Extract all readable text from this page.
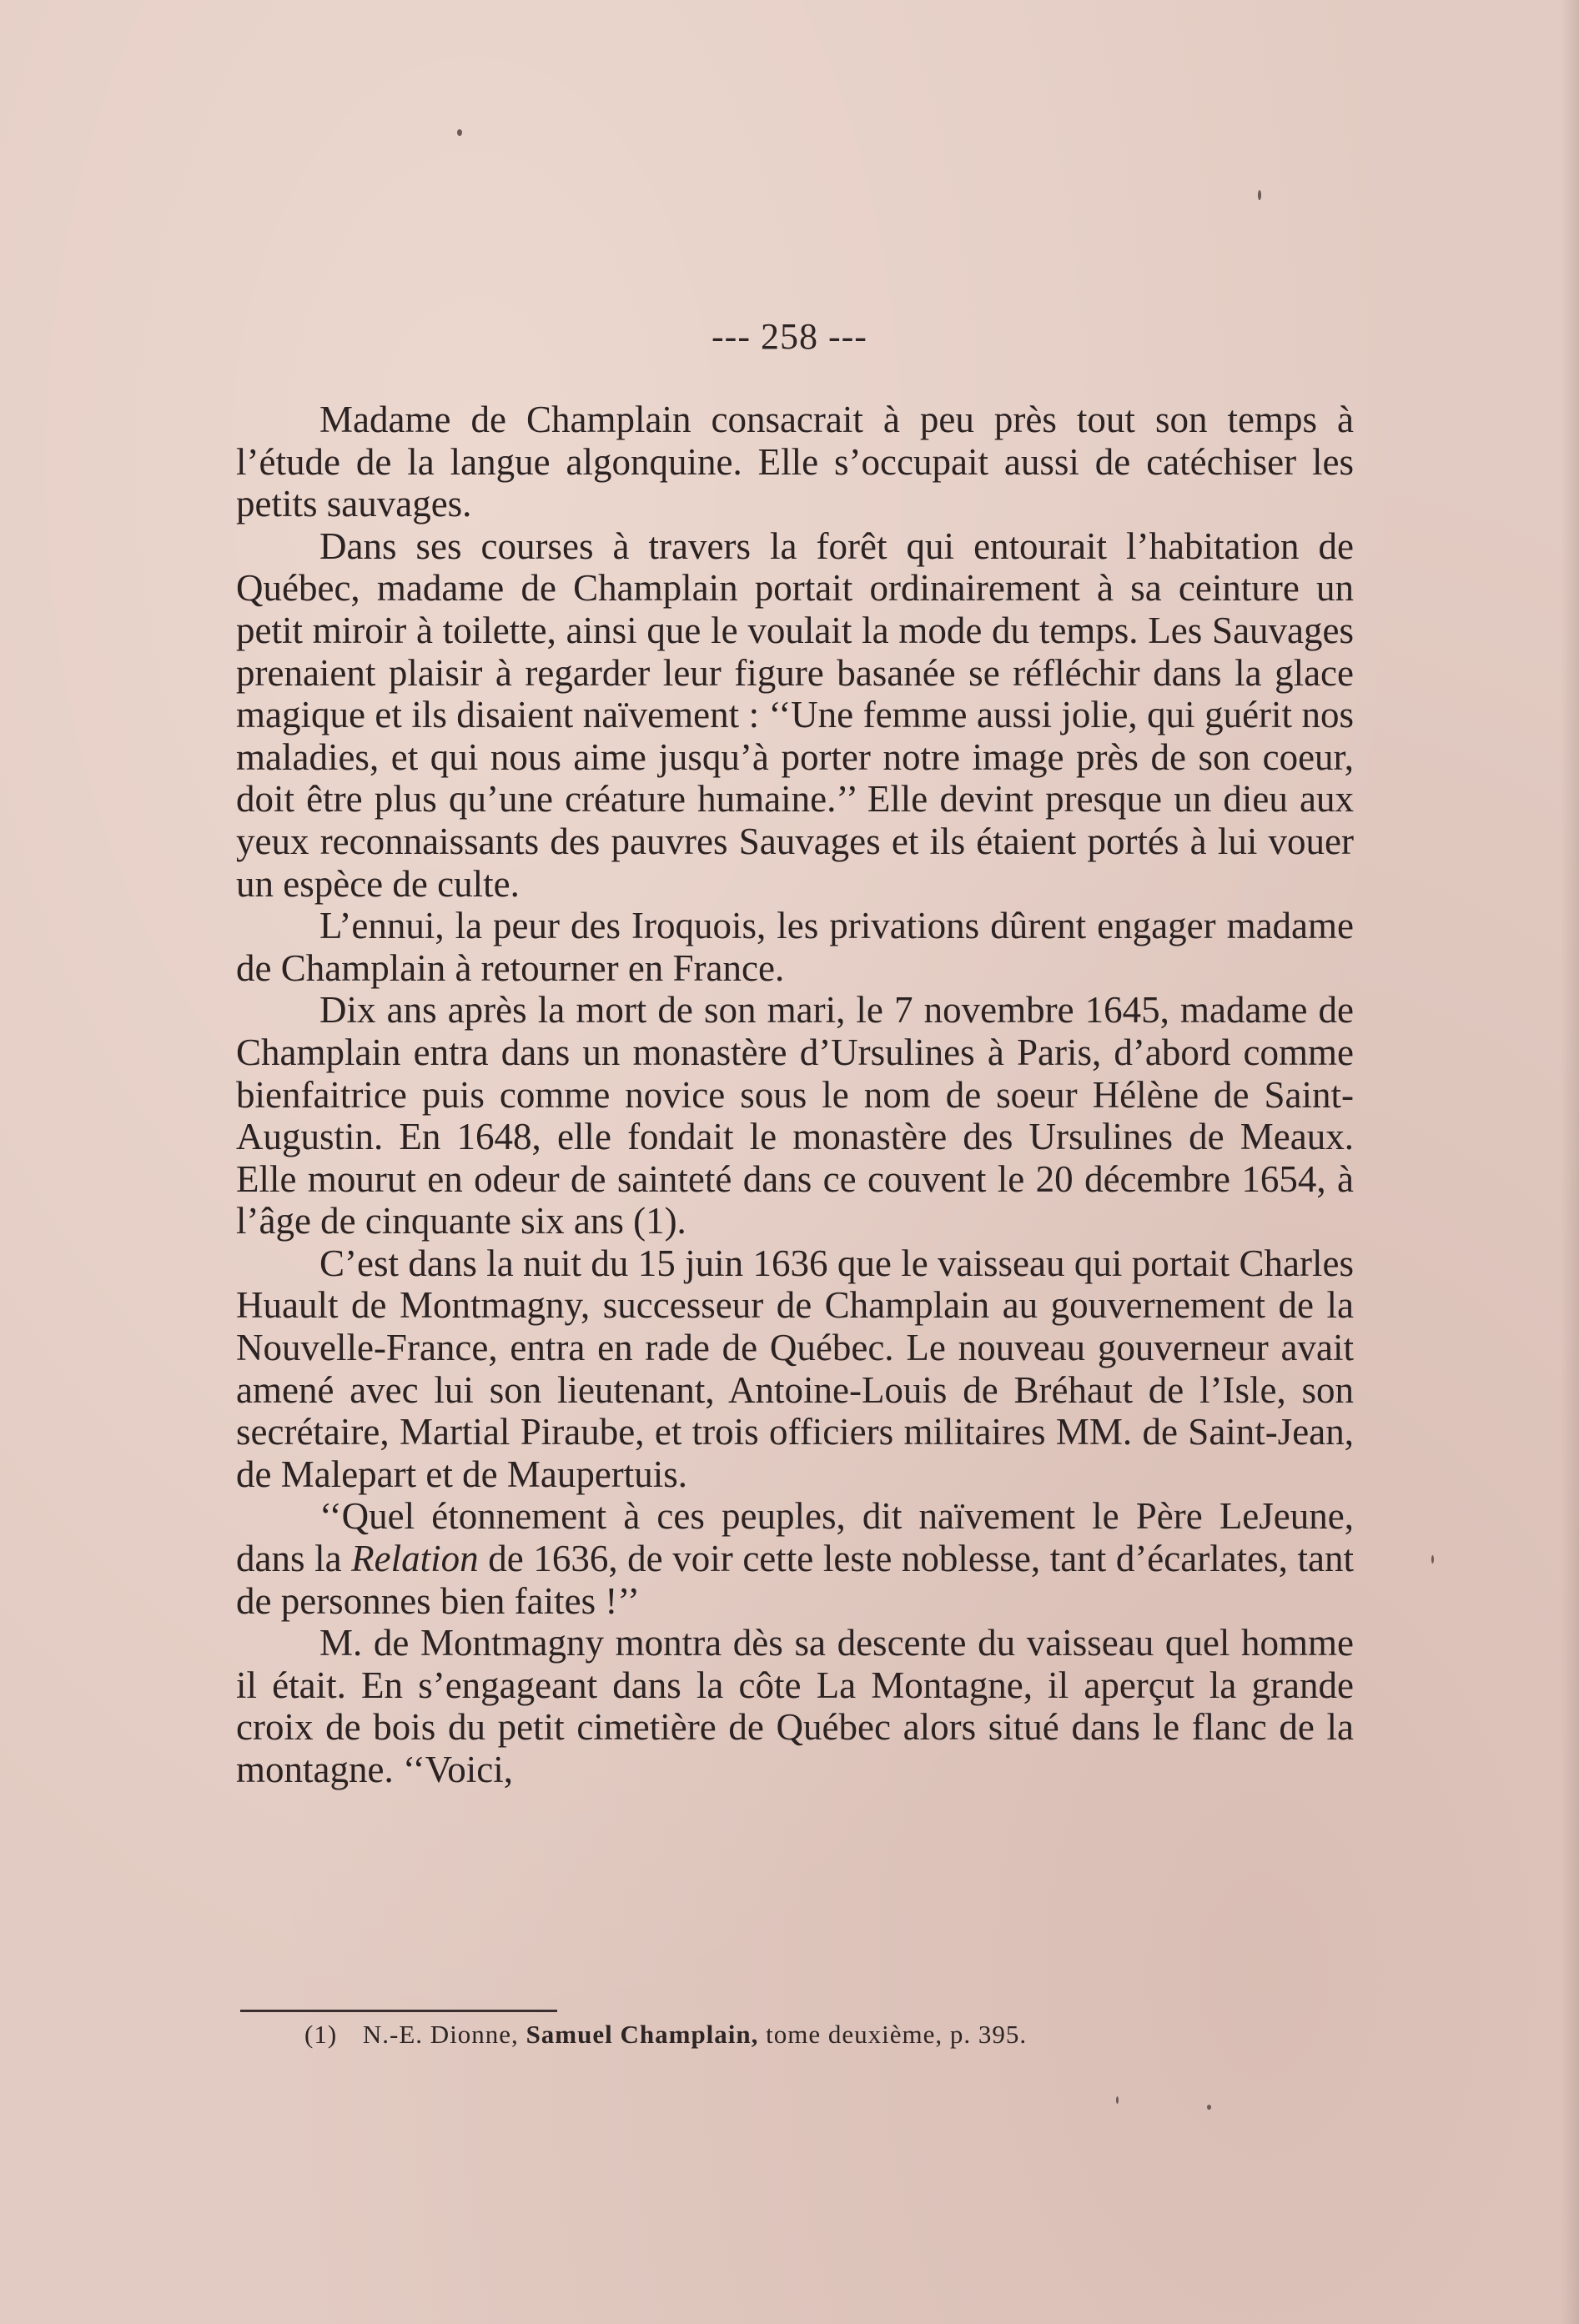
--- 258 ---

Madame de Champlain consacrait à peu près tout son temps à l’étude de la langue algonquine. Elle s’occupait aussi de catéchiser les petits sauvages.

Dans ses courses à travers la forêt qui entourait l’habitation de Québec, madame de Champlain portait ordinairement à sa ceinture un petit miroir à toilette, ainsi que le voulait la mode du temps. Les Sauvages prenaient plaisir à regarder leur figure basanée se réfléchir dans la glace magique et ils disaient naïvement : ‘‘Une femme aussi jolie, qui guérit nos maladies, et qui nous aime jusqu’à porter notre image près de son coeur, doit être plus qu’une créature humaine.’’ Elle devint presque un dieu aux yeux reconnaissants des pauvres Sauvages et ils étaient portés à lui vouer un espèce de culte.

L’ennui, la peur des Iroquois, les privations dûrent engager madame de Champlain à retourner en France.

Dix ans après la mort de son mari, le 7 novembre 1645, madame de Champlain entra dans un monastère d’Ursulines à Paris, d’abord comme bienfaitrice puis comme novice sous le nom de soeur Hélène de Saint-Augustin. En 1648, elle fondait le monastère des Ursulines de Meaux. Elle mourut en odeur de sainteté dans ce couvent le 20 décembre 1654, à l’âge de cinquante six ans (1).

C’est dans la nuit du 15 juin 1636 que le vaisseau qui portait Charles Huault de Montmagny, successeur de Champlain au gouvernement de la Nouvelle-France, entra en rade de Québec. Le nouveau gouverneur avait amené avec lui son lieutenant, Antoine-Louis de Bréhaut de l’Isle, son secrétaire, Martial Piraube, et trois officiers militaires MM. de Saint-Jean, de Malepart et de Maupertuis.

‘‘Quel étonnement à ces peuples, dit naïvement le Père LeJeune, dans la Relation de 1636, de voir cette leste noblesse, tant d’écarlates, tant de personnes bien faites !’’

M. de Montmagny montra dès sa descente du vaisseau quel homme il était. En s’engageant dans la côte La Montagne, il aperçut la grande croix de bois du petit cimetière de Québec alors situé dans le flanc de la montagne. ‘‘Voici,

(1) N.-E. Dionne, Samuel Champlain, tome deuxième, p. 395.
